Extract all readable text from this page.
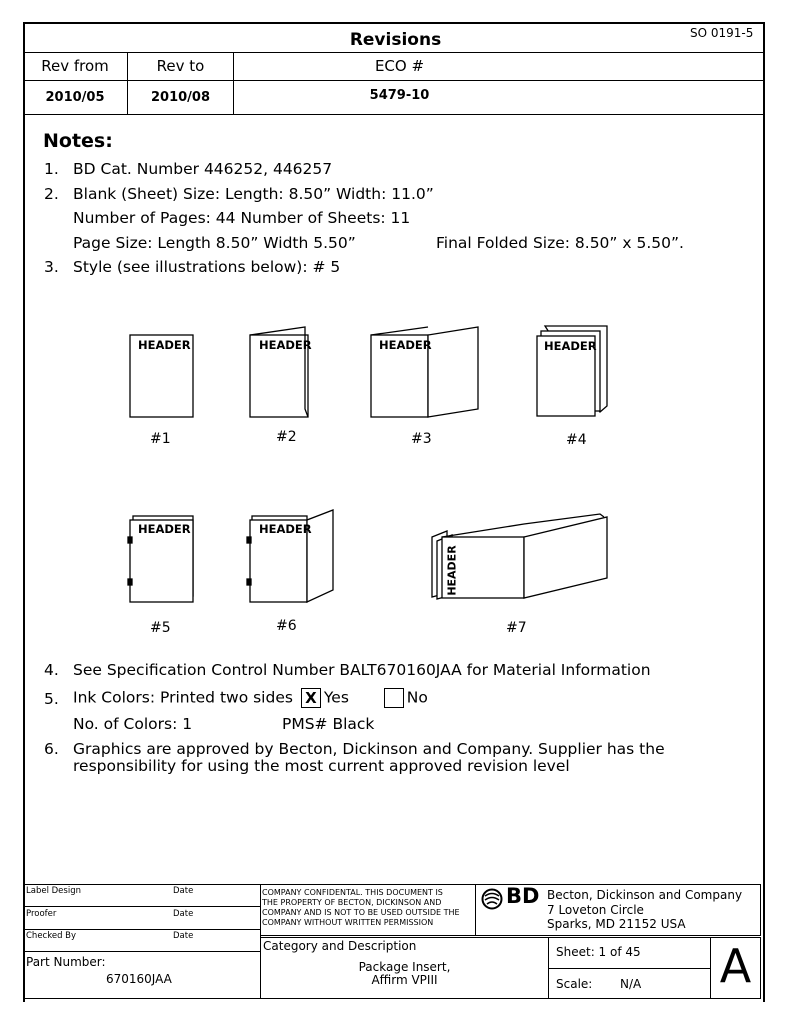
SO 0191-5
Revisions
Rev from	Rev to	ECO #
2010/05	2010/08	5479-10
Notes:
1. BD Cat. Number 446252, 446257
2. Blank (Sheet) Size: Length: 8.50” Width: 11.0”
Number of Pages: 44 Number of Sheets: 11
Page Size: Length 8.50” Width 5.50”	Final Folded Size: 8.50” x 5.50”.
3. Style (see illustrations below): # 5
HEADER	HEADER	HEADER	HEADER
HEADER	HEADER
HEADER
#1	#2	#3	#4
#5	#6	#7
4. See Specification Control Number BALT670160JAA for Material Information
5. Ink Colors: Printed two sides X Yes	No
No. of Colors: 1	PMS# Black
6. Graphics are approved by Becton, Dickinson and Company. Supplier has the
responsibility for using the most current approved revision level
Label Design	Date
Proofer	Date
Checked By	Date
Part Number:
670160JAA
COMPANY CONFIDENTAL. THIS DOCUMENT IS
THE PROPERTY OF BECTON, DICKINSON AND
COMPANY AND IS NOT TO BE USED OUTSIDE THE
COMPANY WITHOUT WRITTEN PERMISSION
BD Becton, Dickinson and Company
7 Loveton Circle
Sparks, MD 21152 USA
Category and Description
Package Insert,
Affirm VPIII
Sheet: 1 of 45
Scale: N/A A
